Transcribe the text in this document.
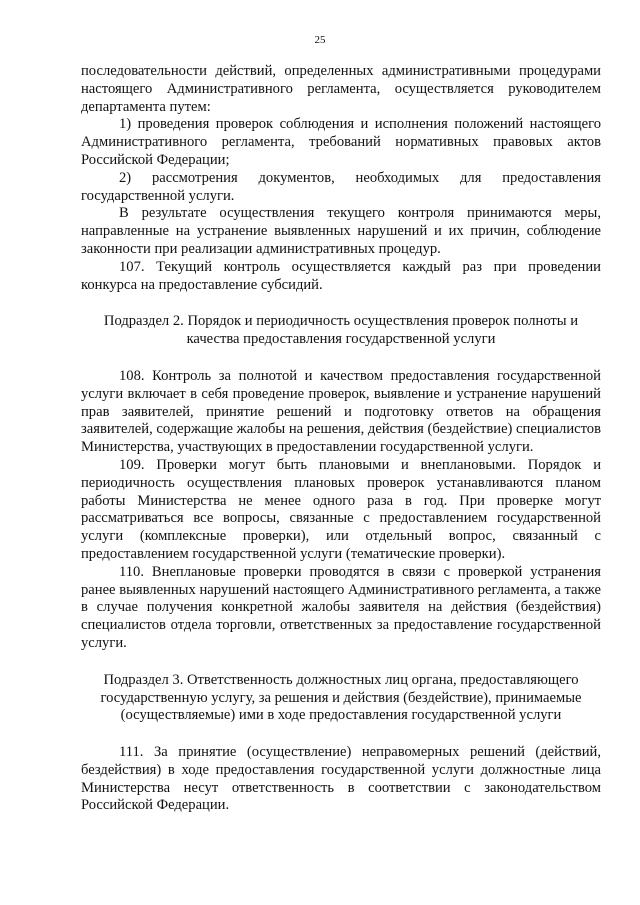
25

последовательности действий, определенных административными процедурами настоящего Административного регламента, осуществляется руководителем департамента путем:

1) проведения проверок соблюдения и исполнения положений настоящего Административного регламента, требований нормативных правовых актов Российской Федерации;

2) рассмотрения документов, необходимых для предоставления государственной услуги.

В результате осуществления текущего контроля принимаются меры, направленные на устранение выявленных нарушений и их причин, соблюдение законности при реализации административных процедур.

107. Текущий контроль осуществляется каждый раз при проведении конкурса на предоставление субсидий.

Подраздел 2. Порядок и периодичность осуществления проверок полноты и качества предоставления государственной услуги

108. Контроль за полнотой и качеством предоставления государственной услуги включает в себя проведение проверок, выявление и устранение нарушений прав заявителей, принятие решений и подготовку ответов на обращения заявителей, содержащие жалобы на решения, действия (бездействие) специалистов Министерства, участвующих в предоставлении государственной услуги.

109. Проверки могут быть плановыми и внеплановыми. Порядок и периодичность осуществления плановых проверок устанавливаются планом работы Министерства не менее одного раза в год. При проверке могут рассматриваться все вопросы, связанные с предоставлением государственной услуги (комплексные проверки), или отдельный вопрос, связанный с предоставлением государственной услуги (тематические проверки).

110. Внеплановые проверки проводятся в связи с проверкой устранения ранее выявленных нарушений настоящего Административного регламента, а также в случае получения конкретной жалобы заявителя на действия (бездействия) специалистов отдела торговли, ответственных за предоставление государственной услуги.

Подраздел 3. Ответственность должностных лиц органа, предоставляющего государственную услугу, за решения и действия (бездействие), принимаемые (осуществляемые) ими в ходе предоставления государственной услуги

111. За принятие (осуществление) неправомерных решений (действий, бездействия) в ходе предоставления государственной услуги должностные лица Министерства несут ответственность в соответствии с законодательством Российской Федерации.
